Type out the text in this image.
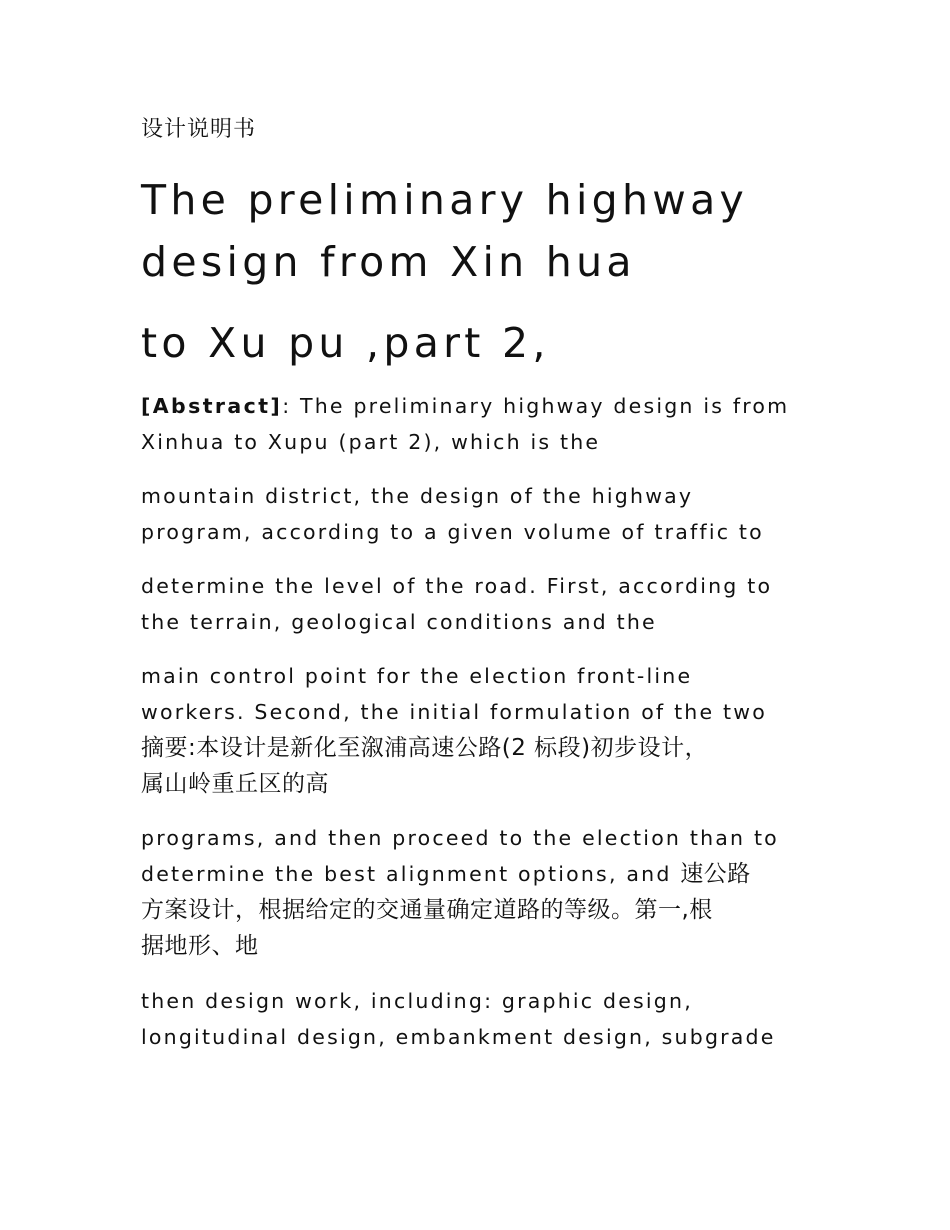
设计说明书
The preliminary highway
design from Xin hua
to Xu pu ,part 2,
[Abstract]: The preliminary highway design is from
Xinhua to Xupu (part 2), which is the
mountain district, the design of the highway
program, according to a given volume of traffic to
determine the level of the road. First, according to
the terrain, geological conditions and the
main control point for the election front-line
workers. Second, the initial formulation of the two
摘要:本设计是新化至溆浦高速公路(2 标段)初步设计，
属山岭重丘区的高
programs, and then proceed to the election than to
determine the best alignment options, and 速公路
方案设计，根据给定的交通量确定道路的等级。第一,根
据地形、地
then design work, including: graphic design,
longitudinal design, embankment design, subgrade
